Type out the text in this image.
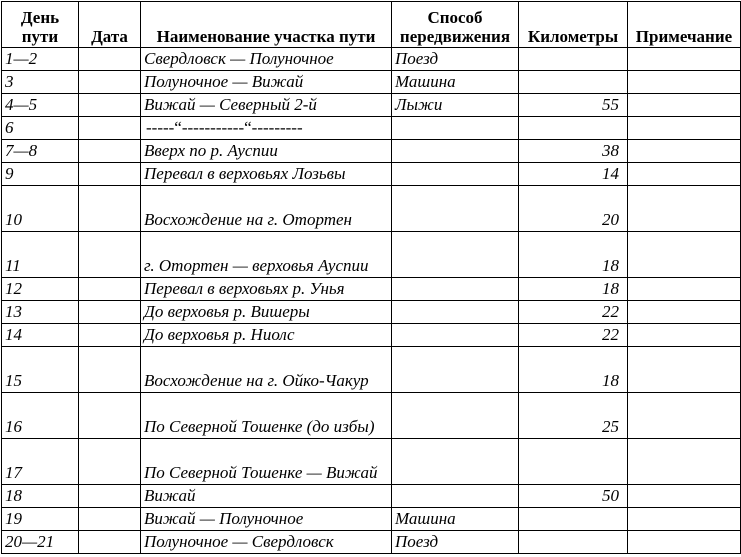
День пути	Дата	Наименование участка пути	Способ передвижения	Километры	Примечание
1—2		Свердловск — Полуночное	Поезд		
3		Полуночное — Вижай	Машина		
4—5		Вижай — Северный 2-й	Лыжи	55	
6		-----“-----------“---------			
7—8		Вверх по р. Ауспии		38	
9		Перевал в верховьях Лозьвы		14	
10		Восхождение на г. Отортен		20	
11		г. Отортен — верховья Ауспии		18	
12		Перевал в верховьях р. Унья		18	
13		До верховья р. Вишеры		22	
14		До верховья р. Ниолс		22	
15		Восхождение на г. Ойко-Чакур		18	
16		По Северной Тошенке (до избы)		25	
17		По Северной Тошенке — Вижай			
18		Вижай		50	
19		Вижай — Полуночное	Машина		
20—21		Полуночное — Свердловск	Поезд		
